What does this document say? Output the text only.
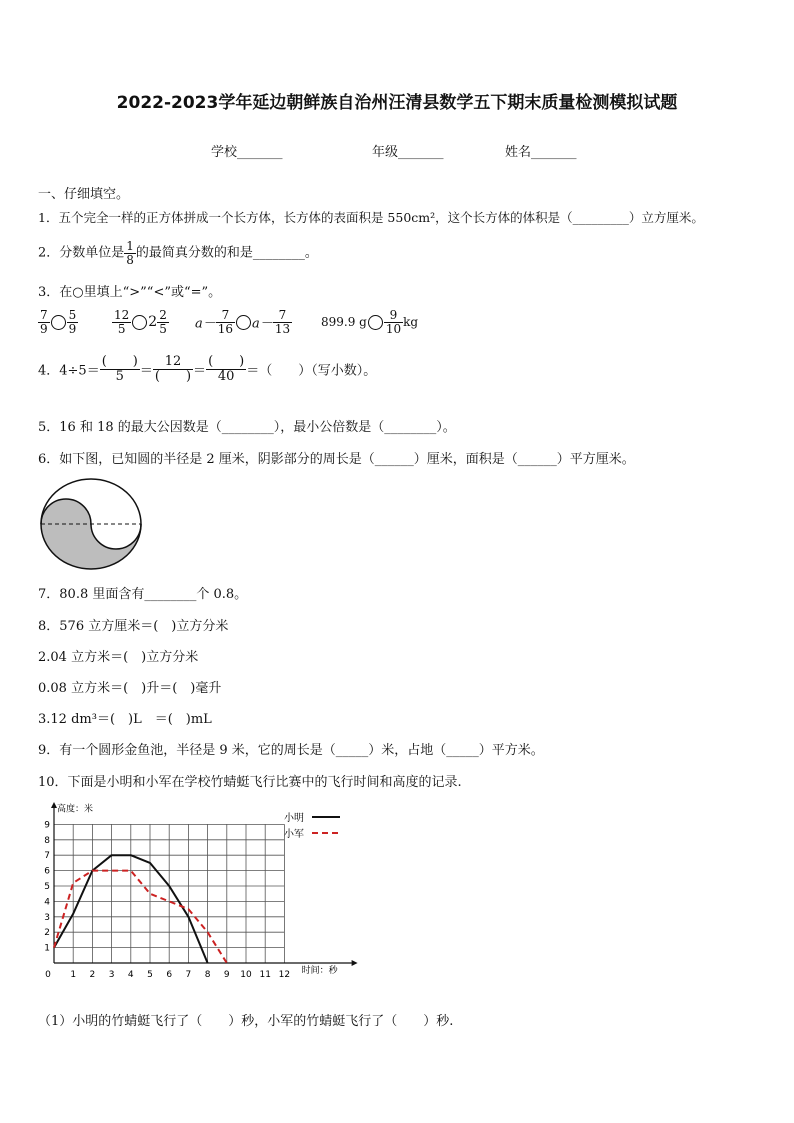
2022-2023学年延边朝鲜族自治州汪清县数学五下期末质量检测模拟试题
学校_______	年级_______	姓名_______
一、仔细填空。
1．五个完全一样的正方体拼成一个长方体，长方体的表面积是 550cm²，这个长方体的体积是（_________）立方厘米。
2．分数单位是 $\frac{1}{8}$ 的最简真分数的和是________。
3．在○里填上“>”“<”或“=”。
$\frac{7}{9} \frac{5}{9}$	$\frac{12}{5} 2 \frac{2}{5} a- \frac{7}{16} a- \frac{7}{13} 899.9$ g $\frac{9}{10}$ kg
4．$4\div 5= \frac{( )}{5} = \frac{12}{( )} = \frac{( )}{40}$ ＝（　　）（写小数）。
5．16 和 18 的最大公因数是（________），最小公倍数是（________）。
6．如下图，已知圆的半径是 2 厘米，阴影部分的周长是（______）厘米，面积是（______）平方厘米。
7．80.8 里面含有________个 0.8。
8．576 立方厘米＝(　)立方分米
2.04 立方米＝(　)立方分米
0.08 立方米＝(　)升＝(　)毫升
3.12 dm³＝(　)L　＝(　)mL
9．有一个圆形金鱼池，半径是 9 米，它的周长是（_____）米，占地（_____）平方米。
10．下面是小明和小军在学校竹蜻蜓飞行比赛中的飞行时间和高度的记录.
0 1 2 3 4 5 6 7 8 9 10 11 12
1
2
3
4
5
6
7
8
9
高度：米
时间：秒
小明
小军
（1）小明的竹蜻蜓飞行了（　　）秒，小军的竹蜻蜓飞行了（　　）秒.
